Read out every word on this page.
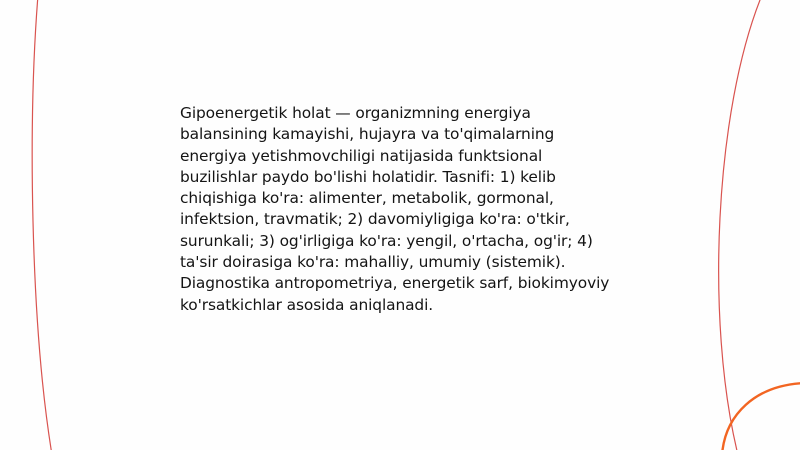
Gipoenergetik holat — organizmning energiya balansining kamayishi, hujayra va to'qimalarning energiya yetishmovchiligi natijasida funktsional buzilishlar paydo bo'lishi holatidir. Tasnifi: 1) kelib chiqishiga ko'ra: alimenter, metabolik, gormonal, infektsion, travmatik; 2) davomiyligiga ko'ra: o'tkir, surunkali; 3) og'irligiga ko'ra: yengil, o'rtacha, og'ir; 4) ta'sir doirasiga ko'ra: mahalliy, umumiy (sistemik). Diagnostika antropometriya, energetik sarf, biokimyoviy ko'rsatkichlar asosida aniqlanadi.
